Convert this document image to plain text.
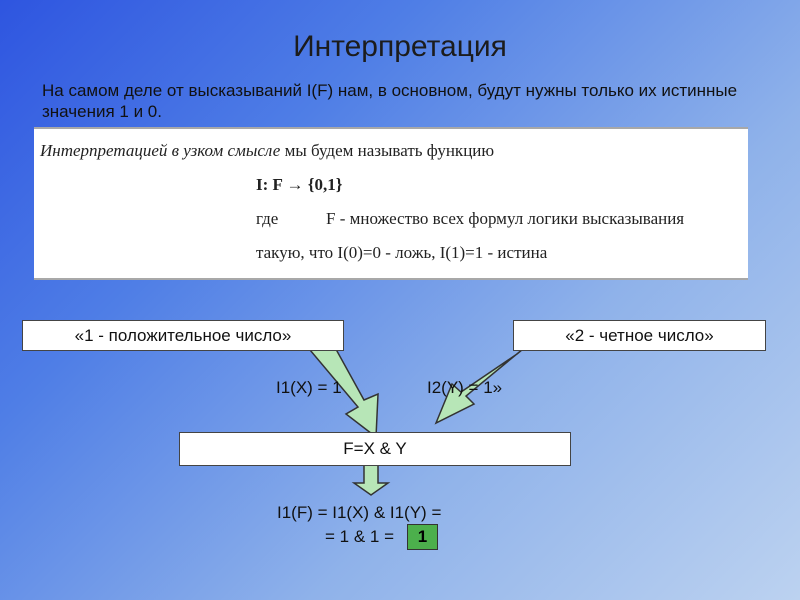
Интерпретация
На самом деле от высказываний I(F) нам, в основном, будут нужны только их истинные значения 1 и 0.
Интерпретацией в узком смысле мы будем называть функцию
I: F → {0,1}
где	F - множество всех формул логики высказывания
такую, что I(0)=0 - ложь, I(1)=1 - истина
«1 - положительное число»	«2 - четное число»
I1(X) = 1	I2(Y) = 1»
F=X & Y
I1(F) = I1(X) & I1(Y) =
= 1 & 1 =	1
